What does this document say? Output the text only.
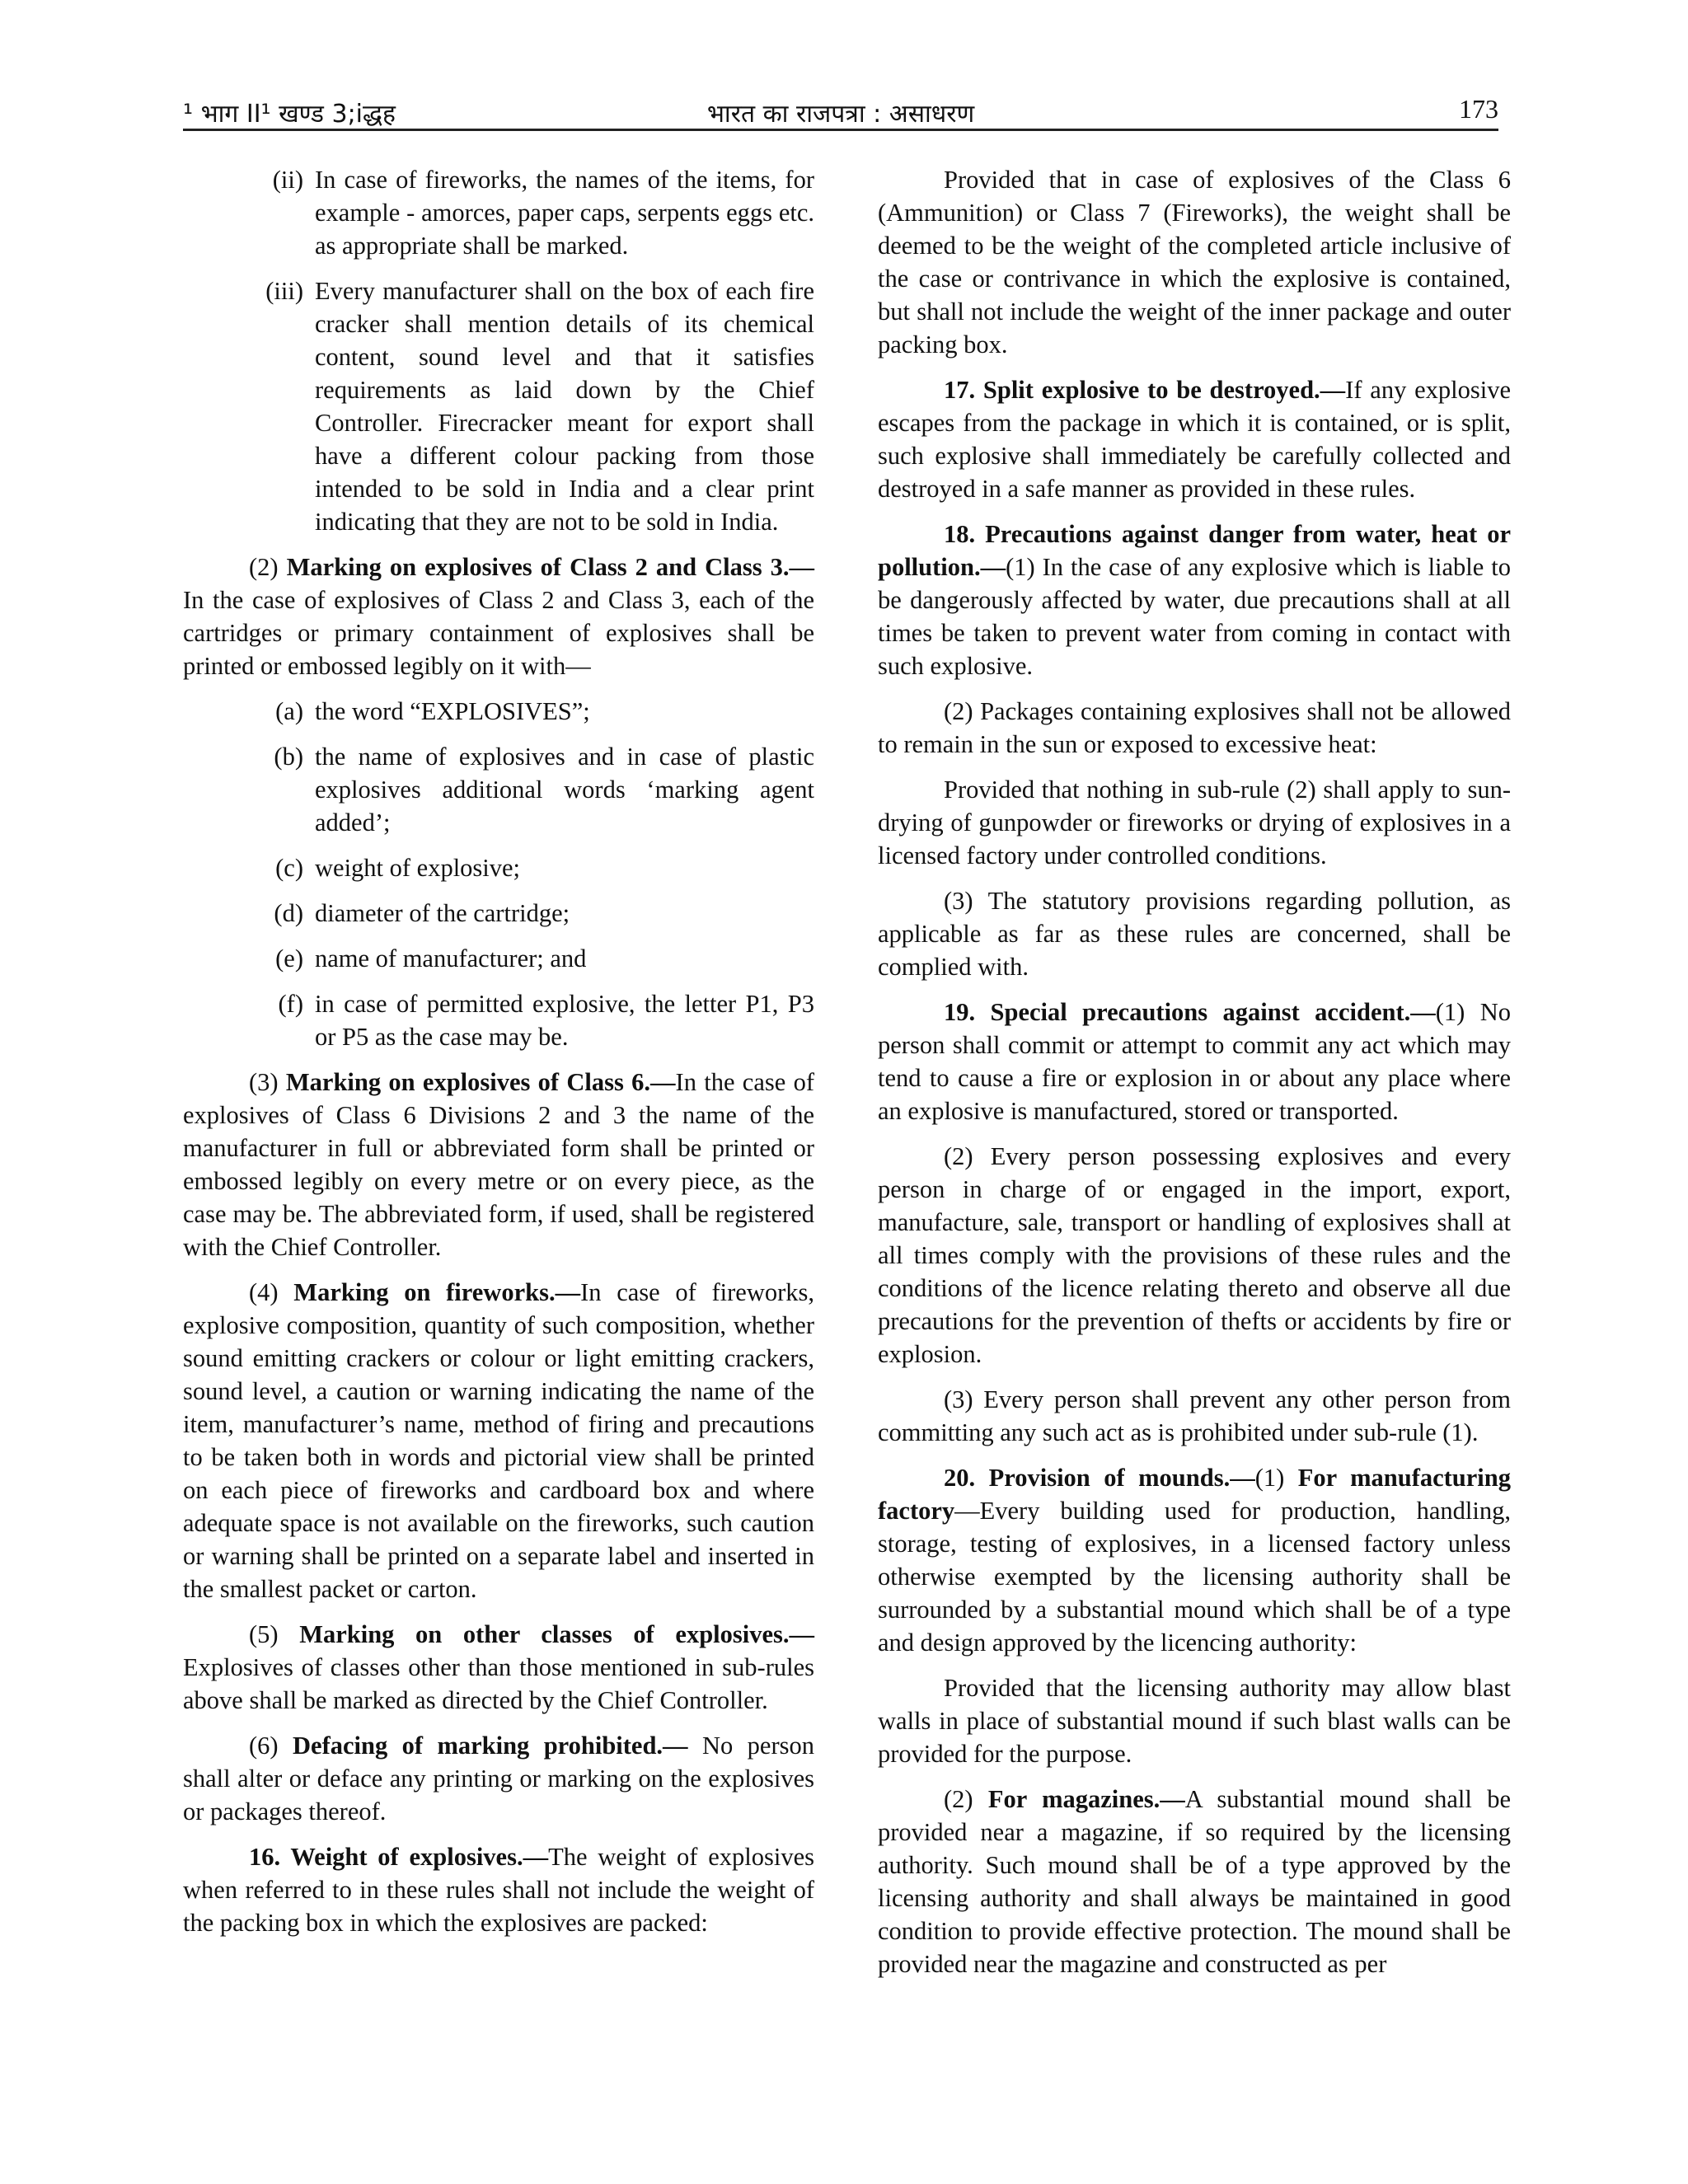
¹ भाग II¹ खण्ड 3;iद्धह	भारत का राजपत्रा : असाधरण	173
(ii) In case of fireworks, the names of the items, for example - amorces, paper caps, serpents eggs etc. as appropriate shall be marked.
(iii) Every manufacturer shall on the box of each fire cracker shall mention details of its chemical content, sound level and that it satisfies requirements as laid down by the Chief Controller. Firecracker meant for export shall have a different colour packing from those intended to be sold in India and a clear print indicating that they are not to be sold in India.

(2) Marking on explosives of Class 2 and Class 3.— In the case of explosives of Class 2 and Class 3, each of the cartridges or primary containment of explosives shall be printed or embossed legibly on it with—

(a) the word “EXPLOSIVES”;
(b) the name of explosives and in case of plastic explosives additional words ‘marking agent added’;
(c) weight of explosive;
(d) diameter of the cartridge;
(e) name of manufacturer; and
(f) in case of permitted explosive, the letter P1, P3 or P5 as the case may be.

(3) Marking on explosives of Class 6.—In the case of explosives of Class 6 Divisions 2 and 3 the name of the manufacturer in full or abbreviated form shall be printed or embossed legibly on every metre or on every piece, as the case may be. The abbreviated form, if used, shall be registered with the Chief Controller.

(4) Marking on fireworks.—In case of fireworks, explosive composition, quantity of such composition, whether sound emitting crackers or colour or light emitting crackers, sound level, a caution or warning indicating the name of the item, manufacturer’s name, method of firing and precautions to be taken both in words and pictorial view shall be printed on each piece of fireworks and cardboard box and where adequate space is not available on the fireworks, such caution or warning shall be printed on a separate label and inserted in the smallest packet or carton.

(5) Marking on other classes of explosives.— Explosives of classes other than those mentioned in sub-rules above shall be marked as directed by the Chief Controller.

(6) Defacing of marking prohibited.— No person shall alter or deface any printing or marking on the explosives or packages thereof.

16. Weight of explosives.—The weight of explosives when referred to in these rules shall not include the weight of the packing box in which the explosives are packed:

Provided that in case of explosives of the Class 6 (Ammunition) or Class 7 (Fireworks), the weight shall be deemed to be the weight of the completed article inclusive of the case or contrivance in which the explosive is contained, but shall not include the weight of the inner package and outer packing box.

17. Split explosive to be destroyed.—If any explosive escapes from the package in which it is contained, or is split, such explosive shall immediately be carefully collected and destroyed in a safe manner as provided in these rules.

18. Precautions against danger from water, heat or pollution.—(1) In the case of any explosive which is liable to be dangerously affected by water, due precautions shall at all times be taken to prevent water from coming in contact with such explosive.

(2) Packages containing explosives shall not be allowed to remain in the sun or exposed to excessive heat:

Provided that nothing in sub-rule (2) shall apply to sun-drying of gunpowder or fireworks or drying of explosives in a licensed factory under controlled conditions.

(3) The statutory provisions regarding pollution, as applicable as far as these rules are concerned, shall be complied with.

19. Special precautions against accident.—(1) No person shall commit or attempt to commit any act which may tend to cause a fire or explosion in or about any place where an explosive is manufactured, stored or transported.

(2) Every person possessing explosives and every person in charge of or engaged in the import, export, manufacture, sale, transport or handling of explosives shall at all times comply with the provisions of these rules and the conditions of the licence relating thereto and observe all due precautions for the prevention of thefts or accidents by fire or explosion.

(3) Every person shall prevent any other person from committing any such act as is prohibited under sub-rule (1).

20. Provision of mounds.—(1) For manufacturing factory—Every building used for production, handling, storage, testing of explosives, in a licensed factory unless otherwise exempted by the licensing authority shall be surrounded by a substantial mound which shall be of a type and design approved by the licencing authority:

Provided that the licensing authority may allow blast walls in place of substantial mound if such blast walls can be provided for the purpose.

(2) For magazines.—A substantial mound shall be provided near a magazine, if so required by the licensing authority. Such mound shall be of a type approved by the licensing authority and shall always be maintained in good condition to provide effective protection. The mound shall be provided near the magazine and constructed as per
